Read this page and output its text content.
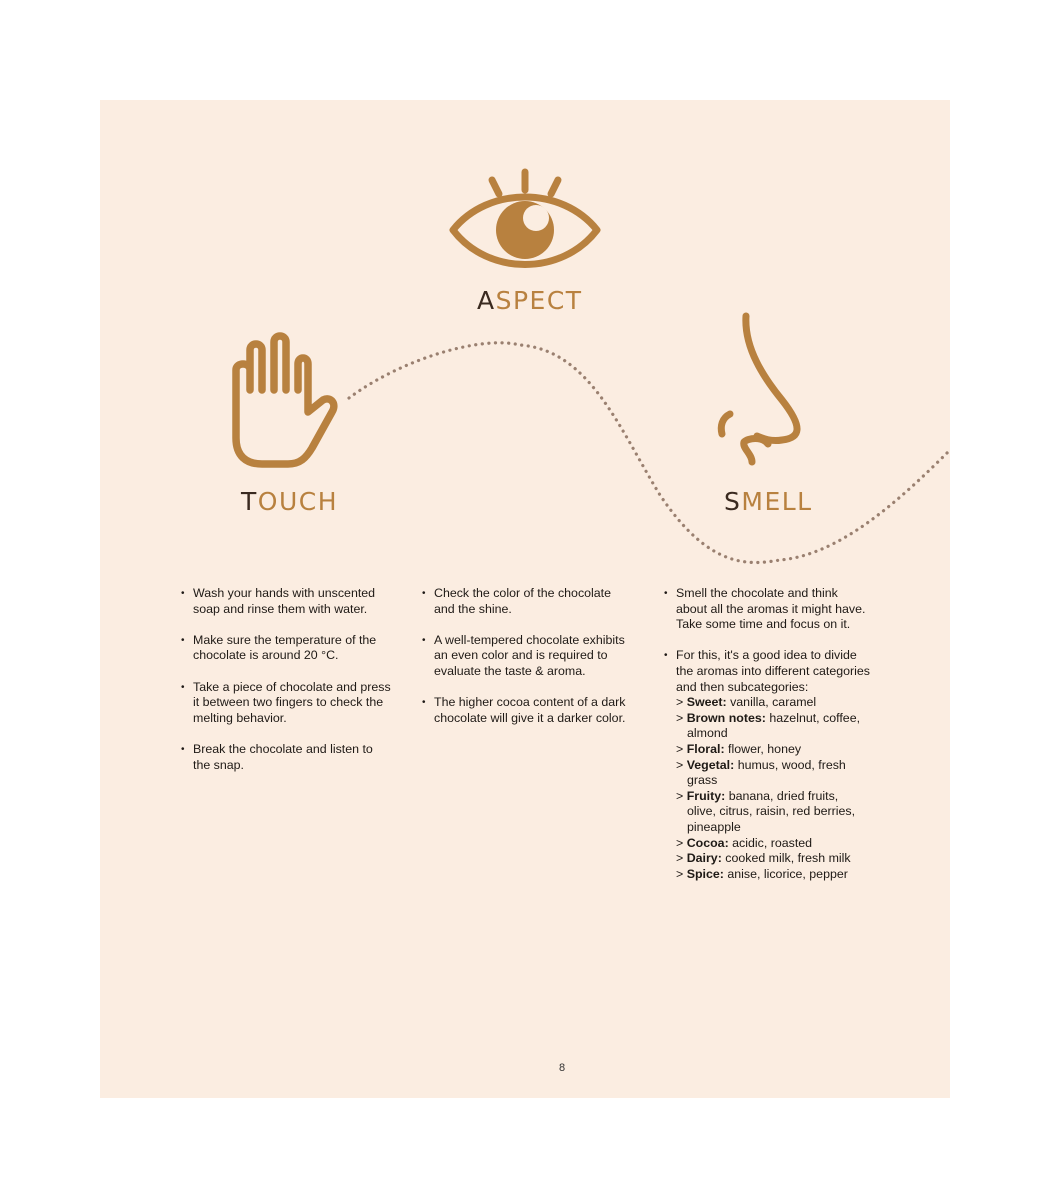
ASPECT
TOUCH	SMELL
• Wash your hands with unscented soap and rinse them with water.
• Make sure the temperature of the chocolate is around 20 °C.
• Take a piece of chocolate and press it between two fingers to check the melting behavior.
• Break the chocolate and listen to the snap.
• Check the color of the chocolate and the shine.
• A well-tempered chocolate exhibits an even color and is required to evaluate the taste & aroma.
• The higher cocoa content of a dark chocolate will give it a darker color.
• Smell the chocolate and think about all the aromas it might have. Take some time and focus on it.
• For this, it's a good idea to divide the aromas into different categories and then subcategories:
> Sweet: vanilla, caramel
> Brown notes: hazelnut, coffee, almond
> Floral: flower, honey
> Vegetal: humus, wood, fresh grass
> Fruity: banana, dried fruits, olive, citrus, raisin, red berries, pineapple
> Cocoa: acidic, roasted
> Dairy: cooked milk, fresh milk
> Spice: anise, licorice, pepper
8
